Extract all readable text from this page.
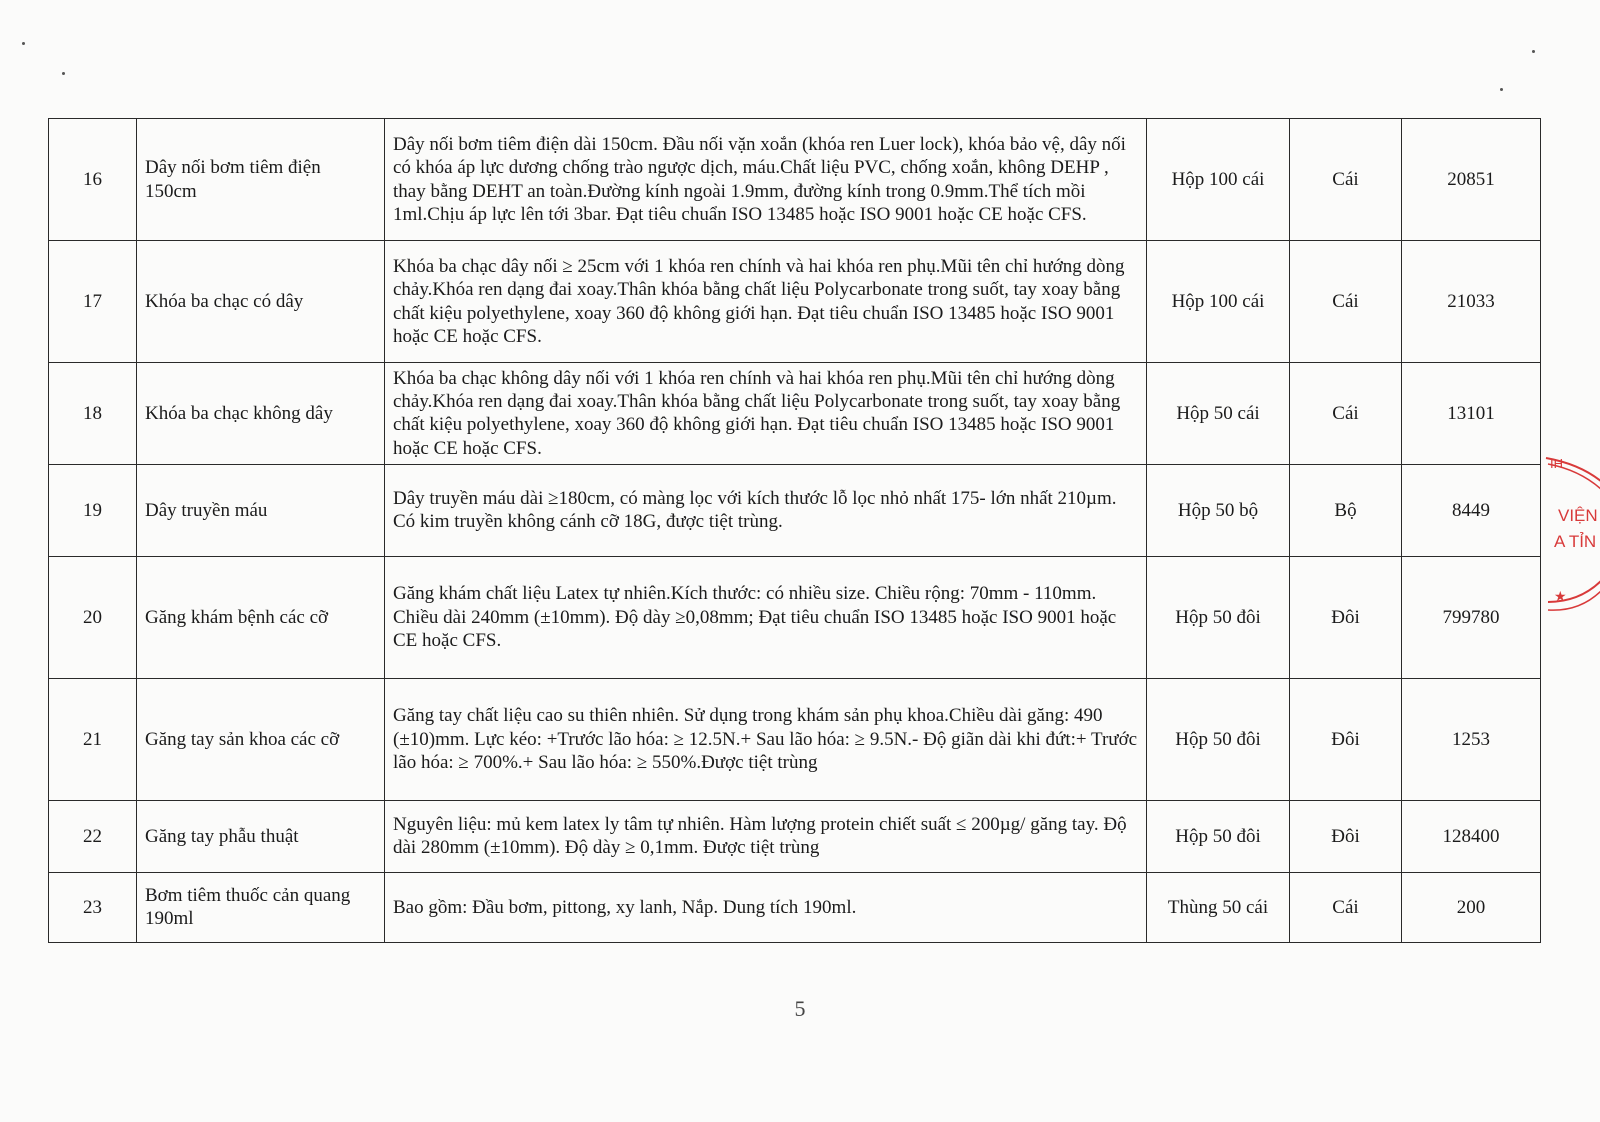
16	Dây nối bơm tiêm điện 150cm	Dây nối bơm tiêm điện dài 150cm. Đầu nối vặn xoắn (khóa ren Luer lock), khóa bảo vệ, dây nối có khóa áp lực dương chống trào ngược dịch, máu.Chất liệu PVC, chống xoắn, không DEHP , thay bằng DEHT an toàn.Đường kính ngoài 1.9mm, đường kính trong 0.9mm.Thể tích mồi 1ml.Chịu áp lực lên tới 3bar. Đạt tiêu chuẩn ISO 13485 hoặc ISO 9001 hoặc CE hoặc CFS.	Hộp 100 cái	Cái	20851
17	Khóa ba chạc có dây	Khóa ba chạc dây nối ≥ 25cm với 1 khóa ren chính và hai khóa ren phụ.Mũi tên chỉ hướng dòng chảy.Khóa ren dạng đai xoay.Thân khóa bằng chất liệu Polycarbonate trong suốt, tay xoay bằng chất kiệu polyethylene, xoay 360 độ không giới hạn. Đạt tiêu chuẩn ISO 13485 hoặc ISO 9001 hoặc CE hoặc CFS.	Hộp 100 cái	Cái	21033
18	Khóa ba chạc không dây	Khóa ba chạc không dây nối với 1 khóa ren chính và hai khóa ren phụ.Mũi tên chỉ hướng dòng chảy.Khóa ren dạng đai xoay.Thân khóa bằng chất liệu Polycarbonate trong suốt, tay xoay bằng chất kiệu polyethylene, xoay 360 độ không giới hạn. Đạt tiêu chuẩn ISO 13485 hoặc ISO 9001 hoặc CE hoặc CFS.	Hộp 50 cái	Cái	13101
19	Dây truyền máu	Dây truyền máu dài ≥180cm, có màng lọc với kích thước lỗ lọc nhỏ nhất 175- lớn nhất 210µm. Có kim truyền không cánh cỡ 18G, được tiệt trùng.	Hộp 50 bộ	Bộ	8449
20	Găng khám bệnh các cỡ	Găng khám chất liệu Latex tự nhiên.Kích thước: có nhiều size. Chiều rộng: 70mm - 110mm. Chiều dài 240mm (±10mm). Độ dày ≥0,08mm; Đạt tiêu chuẩn ISO 13485 hoặc ISO 9001 hoặc CE hoặc CFS.	Hộp 50 đôi	Đôi	799780
21	Găng tay sản khoa các cỡ	Găng tay chất liệu cao su thiên nhiên. Sử dụng trong khám sản phụ khoa.Chiều dài găng: 490 (±10)mm. Lực kéo: +Trước lão hóa: ≥ 12.5N.+ Sau lão hóa: ≥ 9.5N.- Độ giãn dài khi đứt:+ Trước lão hóa: ≥ 700%.+ Sau lão hóa: ≥ 550%.Được tiệt trùng	Hộp 50 đôi	Đôi	1253
22	Găng tay phẫu thuật	Nguyên liệu: mủ kem latex ly tâm tự nhiên. Hàm lượng protein chiết suất ≤ 200µg/ găng tay. Độ dài 280mm (±10mm). Độ dày ≥ 0,1mm. Được tiệt trùng	Hộp 50 đôi	Đôi	128400
23	Bơm tiêm thuốc cản quang 190ml	Bao gồm: Đầu bơm, pittong, xy lanh, Nắp. Dung tích 190ml.	Thùng 50 cái	Cái	200
5
IH
VIỆN
A TỈN
★
